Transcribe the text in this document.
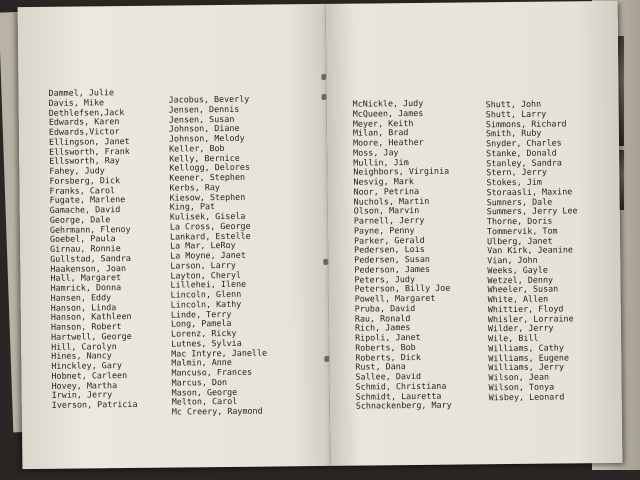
Dammel, Julie
Davis, Mike
Dethlefsen,Jack
Edwards, Karen
Edwards,Victor
Ellingson, Janet
Ellsworth, Frank
Ellsworth, Ray
Fahey, Judy
Forsberg, Dick
Franks, Carol
Fugate, Marlene
Gamache, David
George, Dale
Gehrmann, Flenoy
Goebel, Paula
Girnau, Ronnie
Gullstad, Sandra
Haakenson, Joan
Hall, Margaret
Hamrick, Donna
Hansen, Eddy
Hanson, Linda
Hanson, Kathleen
Hanson, Robert
Hartwell, George
Hill, Carolyn
Hines, Nancy
Hinckley, Gary
Hobnet, Carleen
Hovey, Martha
Irwin, Jerry
Iverson, Patricia
Jacobus, Beverly
Jensen, Dennis
Jensen, Susan
Johnson, Diane
Johnson, Melody
Keller, Bob
Kelly, Bernice
Kellogg, Delores
Keener, Stephen
Kerbs, Ray
Kiesow, Stephen
King, Pat
Kulisek, Gisela
La Cross, George
Lankard, Estelle
La Mar, LeRoy
La Moyne, Janet
Larson, Larry
Layton, Cheryl
Lillehei, Ilene
Lincoln, Glenn
Lincoln, Kathy
Linde, Terry
Long, Pamela
Lorenz, Ricky
Lutnes, Sylvia
Mac Intyre, Janelle
Malmin, Anne
Mancuso, Frances
Marcus, Don
Mason, George
Melton, Carol
Mc Creery, Raymond
McNickle, Judy
McQueen, James
Meyer, Keith
Milan, Brad
Moore, Heather
Moss, Jay
Mullin, Jim
Neighbors, Virginia
Nesvig, Mark
Noor, Petrina
Nuchols, Martin
Olson, Marvin
Parnell, Jerry
Payne, Penny
Parker, Gerald
Pedersen, Lois
Pedersen, Susan
Pederson, James
Peters, Judy
Peterson, Billy Joe
Powell, Margaret
Pruba, David
Rau, Ronald
Rich, James
Ripoli, Janet
Roberts, Bob
Roberts, Dick
Rust, Dana
Sallee, David
Schmid, Christiana
Schmidt, Lauretta
Schnackenberg, Mary
Shutt, John
Shutt, Larry
Simmons, Richard
Smith, Ruby
Snyder, Charles
Stanke, Donald
Stanley, Sandra
Stern, Jerry
Stokes, Jim
Storaasli, Maxine
Sumners, Dale
Summers, Jerry Lee
Thorne, Doris
Tommervik, Tom
Ulberg, Janet
Van Kirk, Jeanine
Vian, John
Weeks, Gayle
Wetzel, Denny
Wheeler, Susan
White, Allen
Whittier, Floyd
Whisler, Lorraine
Wilder, Jerry
Wile, Bill
Williams, Cathy
Williams, Eugene
Williams, Jerry
Wilson, Jean
Wilson, Tonya
Wisbey, Leonard
